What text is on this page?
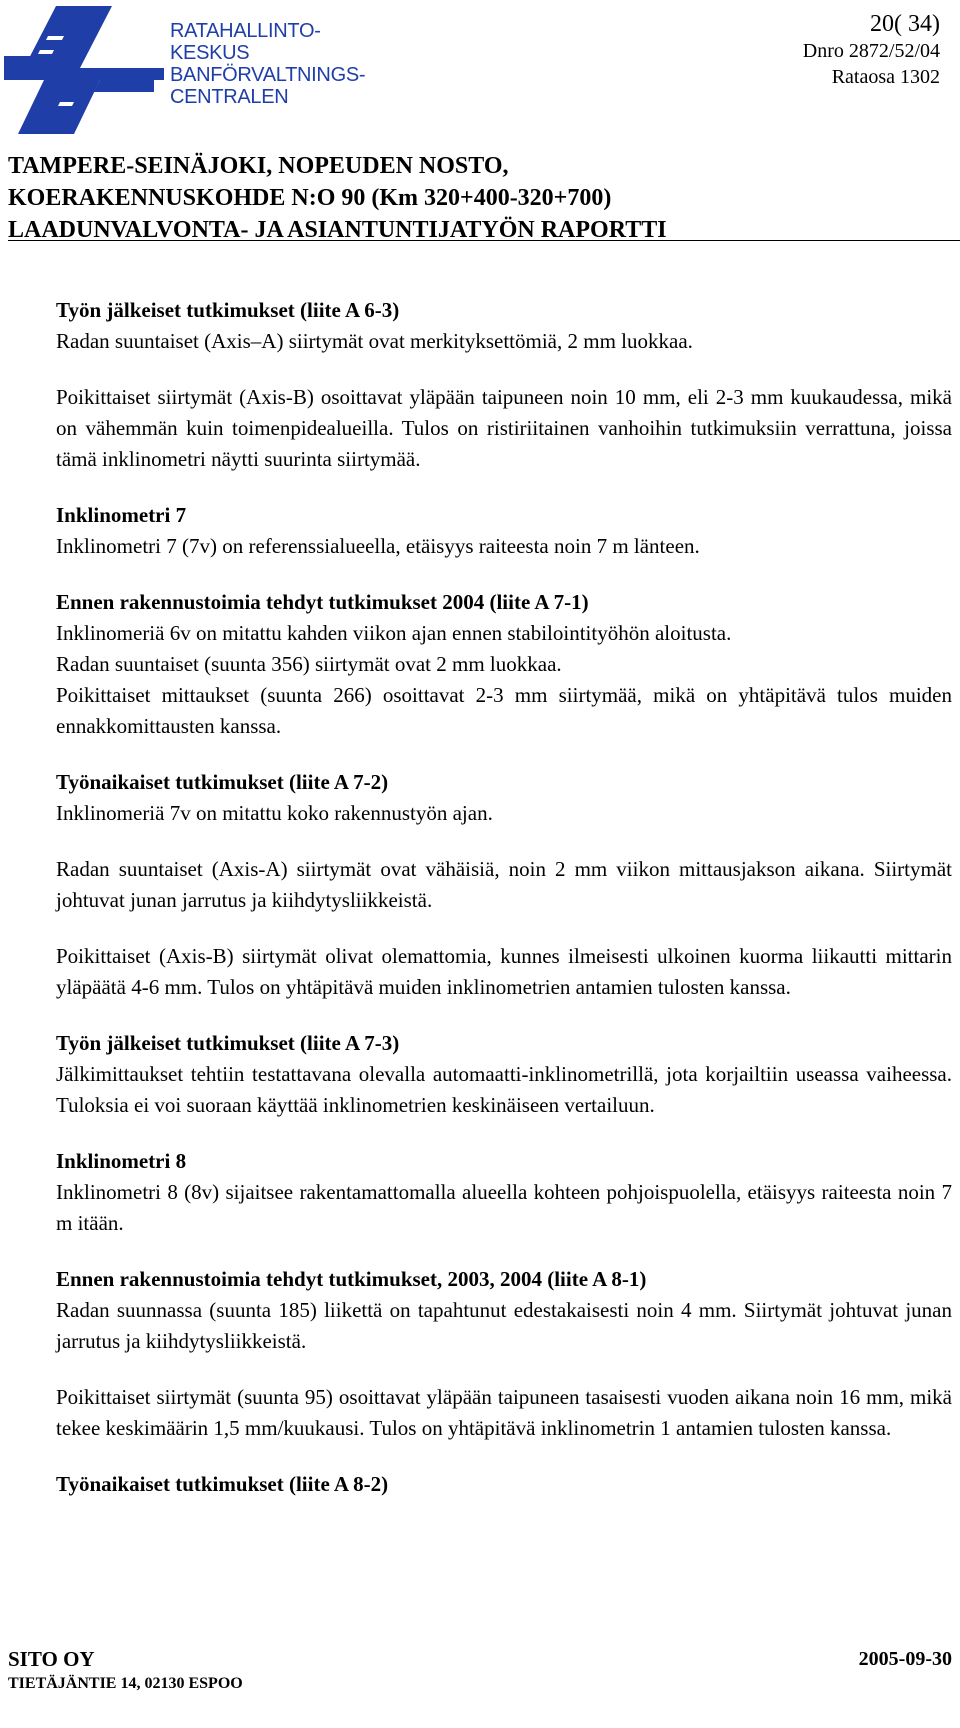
RATAHALLINTO-
KESKUS
BANFÖRVALTNINGS-
CENTRALEN
20( 34)
Dnro 2872/52/04
Rataosa 1302
TAMPERE-SEINÄJOKI, NOPEUDEN NOSTO,
KOERAKENNUSKOHDE N:O 90 (Km 320+400-320+700)
LAADUNVALVONTA- JA ASIANTUNTIJATYÖN RAPORTTI

Työn jälkeiset tutkimukset (liite A 6-3)
Radan suuntaiset (Axis–A) siirtymät ovat merkityksettömiä, 2 mm luokkaa.

Poikittaiset siirtymät (Axis-B) osoittavat yläpään taipuneen noin 10 mm, eli 2-3 mm kuukaudessa, mikä on vähemmän kuin toimenpidealueilla. Tulos on ristiriitainen vanhoihin tutkimuksiin verrattuna, joissa tämä inklinometri näytti suurinta siirtymää.

Inklinometri 7
Inklinometri 7 (7v) on referenssialueella, etäisyys raiteesta noin 7 m länteen.

Ennen rakennustoimia tehdyt tutkimukset 2004 (liite A 7-1)
Inklinomeriä 6v on mitattu kahden viikon ajan ennen stabilointityöhön aloitusta.
Radan suuntaiset (suunta 356) siirtymät ovat 2 mm luokkaa.
Poikittaiset mittaukset (suunta 266) osoittavat 2-3 mm siirtymää, mikä on yhtäpitävä tulos muiden ennakkomittausten kanssa.

Työnaikaiset tutkimukset (liite A 7-2)
Inklinomeriä 7v on mitattu koko rakennustyön ajan.

Radan suuntaiset (Axis-A) siirtymät ovat vähäisiä, noin 2 mm viikon mittausjakson aikana. Siirtymät johtuvat junan jarrutus ja kiihdytysliikkeistä.

Poikittaiset (Axis-B) siirtymät olivat olemattomia, kunnes ilmeisesti ulkoinen kuorma liikautti mittarin yläpäätä 4-6 mm. Tulos on yhtäpitävä muiden inklinometrien antamien tulosten kanssa.

Työn jälkeiset tutkimukset (liite A 7-3)
Jälkimittaukset tehtiin testattavana olevalla automaatti-inklinometrillä, jota korjailtiin useassa vaiheessa. Tuloksia ei voi suoraan käyttää inklinometrien keskinäiseen vertailuun.

Inklinometri 8
Inklinometri 8 (8v) sijaitsee rakentamattomalla alueella kohteen pohjoispuolella, etäisyys raiteesta noin 7 m itään.

Ennen rakennustoimia tehdyt tutkimukset, 2003, 2004 (liite A 8-1)
Radan suunnassa (suunta 185) liikettä on tapahtunut edestakaisesti noin 4 mm. Siirtymät johtuvat junan jarrutus ja kiihdytysliikkeistä.

Poikittaiset siirtymät (suunta 95) osoittavat yläpään taipuneen tasaisesti vuoden aikana noin 16 mm, mikä tekee keskimäärin 1,5 mm/kuukausi. Tulos on yhtäpitävä inklinometrin 1 antamien tulosten kanssa.

Työnaikaiset tutkimukset (liite A 8-2)

SITO OY
TIETÄJÄNTIE 14, 02130 ESPOO
2005-09-30
